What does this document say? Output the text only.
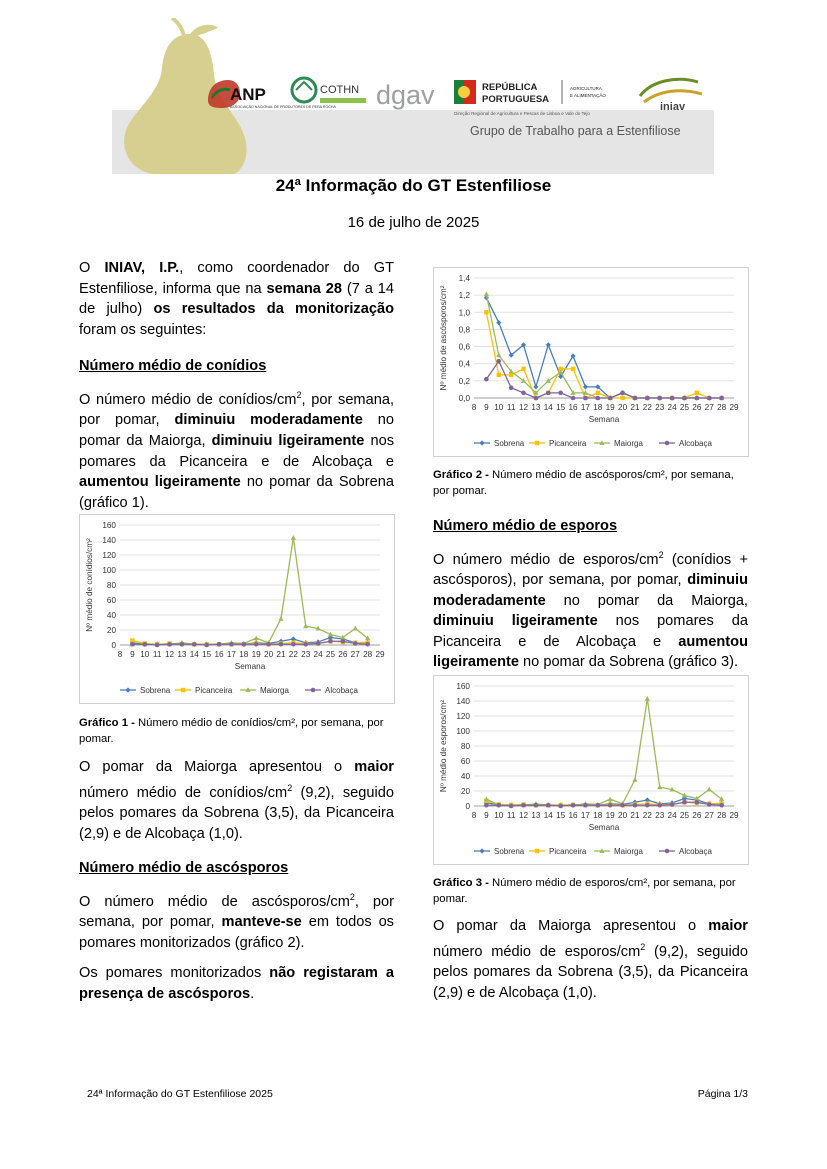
ANP
ASSOCIAÇÃO NACIONAL DE PRODUTORES DE PERA ROCHA
COTHN dgav	REPÚBLICA
PORTUGUESA
AGRICULTURA
E ALIMENTAÇÃO
Direção Regional de Agricultura e Pescas de Lisboa e Vale do Tejo
iniav
Grupo de Trabalho para a Estenfiliose
24ª Informação do GT Estenfiliose
16 de julho de 2025

O INIAV, I.P., como coordenador do GT Estenfiliose, informa que na semana 28 (7 a 14 de julho) os resultados da monitorização foram os seguintes:

Número médio de conídios

O número médio de conídios/$cm^2$, por semana, por pomar, diminuiu moderadamente no pomar da Maiorga, diminuiu ligeiramente nos pomares da Picanceira e de Alcobaça e aumentou ligeiramente no pomar da Sobrena (gráfico 1).

0
20
40
60
80
100
120
140
160
8 9 10 11 12 13 14 15 16 17 18 19 20 21 22 23 24 25 26 27 28 29
Semana
Nº médio de conídios/cm²
Sobrena	Picanceira	Maiorga	Alcobaça
Gráfico 1 - Número médio de conídios/cm², por semana, por pomar.

O pomar da Maiorga apresentou o maior número médio de conídios/$cm^2$ (9,2), seguido pelos pomares da Sobrena (3,5), da Picanceira (2,9) e de Alcobaça (1,0).

Número médio de ascósporos

O número médio de ascósporos/$cm^2$, por semana, por pomar, manteve-se em todos os pomares monitorizados (gráfico 2).

Os pomares monitorizados não registaram a presença de ascósporos.

0,0
0,2
0,4
0,6
0,8
1,0
1,2
1,4
8 9 10 11 12 13 14 15 16 17 18 19 20 21 22 23 24 25 26 27 28 29
Semana
Nº médio de ascósporos/cm²
Sobrena	Picanceira	Maiorga	Alcobaça
Gráfico 2 - Número médio de ascósporos/cm², por semana, por pomar.
Número médio de esporos

O número médio de esporos/$cm^2$ (conídios + ascósporos), por semana, por pomar, diminuiu moderadamente no pomar da Maiorga, diminuiu ligeiramente nos pomares da Picanceira e de Alcobaça e aumentou ligeiramente no pomar da Sobrena (gráfico 3).

0
20
40
60
80
100
120
140
160
8 9 10 11 12 13 14 15 16 17 18 19 20 21 22 23 24 25 26 27 28 29
Semana
Nº médio de esporos/cm²
Sobrena	Picanceira	Maiorga	Alcobaça
Gráfico 3 - Número médio de esporos/cm², por semana, por pomar.

O pomar da Maiorga apresentou o maior número médio de esporos/$cm^2$ (9,2), seguido pelos pomares da Sobrena (3,5), da Picanceira (2,9) e de Alcobaça (1,0).

24ª Informação do GT Estenfiliose 2025	Página 1/3
